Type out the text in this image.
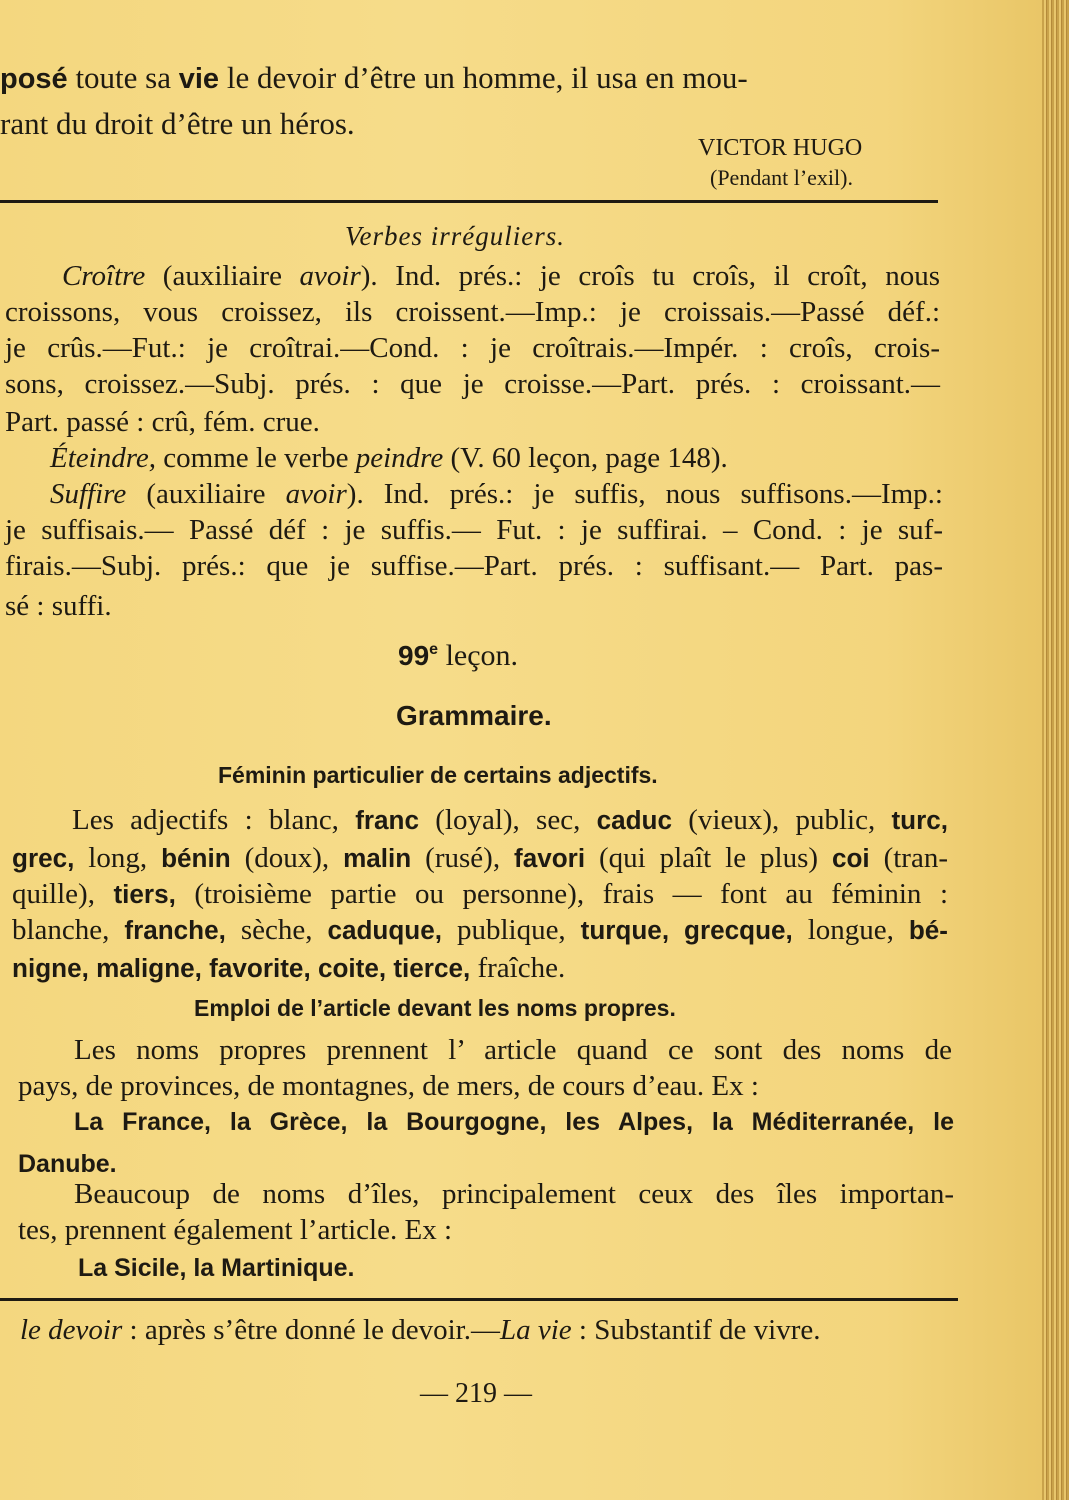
posé toute sa vie le devoir d’être un homme, il usa en mou-
rant du droit d’être un héros.
VICTOR HUGO
(Pendant l’exil).
Verbes irréguliers.
Croître (auxiliaire avoir). Ind. prés.: je croîs tu croîs, il croît, nous
croissons, vous croissez, ils croissent.—Imp.: je croissais.—Passé déf.:
je crûs.—Fut.: je croîtrai.—Cond. : je croîtrais.—Impér. : croîs, crois-
sons, croissez.—Subj. prés. : que je croisse.—Part. prés. : croissant.—
Part. passé : crû, fém. crue.
Éteindre, comme le verbe peindre (V. 60 leçon, page 148).
Suffire (auxiliaire avoir). Ind. prés.: je suffis, nous suffisons.—Imp.:
je suffisais.— Passé déf : je suffis.— Fut. : je suffirai. – Cond. : je suf-
firais.—Subj. prés.: que je suffise.—Part. prés. : suffisant.— Part. pas-
sé : suffi.
99e leçon.
Grammaire.
Féminin particulier de certains adjectifs.
Les adjectifs : blanc, franc (loyal), sec, caduc (vieux), public, turc,
grec, long, bénin (doux), malin (rusé), favori (qui plaît le plus) coi (tran-
quille), tiers, (troisième partie ou personne), frais — font au féminin :
blanche, franche, sèche, caduque, publique, turque, grecque, longue, bé-
nigne, maligne, favorite, coite, tierce, fraîche.
Emploi de l’article devant les noms propres.
Les noms propres prennent l’ article quand ce sont des noms de
pays, de provinces, de montagnes, de mers, de cours d’eau. Ex :
La France, la Grèce, la Bourgogne, les Alpes, la Méditerranée, le
Danube.
Beaucoup de noms d’îles, principalement ceux des îles importan-
tes, prennent également l’article. Ex :
La Sicile, la Martinique.
le devoir : après s’être donné le devoir.—La vie : Substantif de vivre.
— 219 —
